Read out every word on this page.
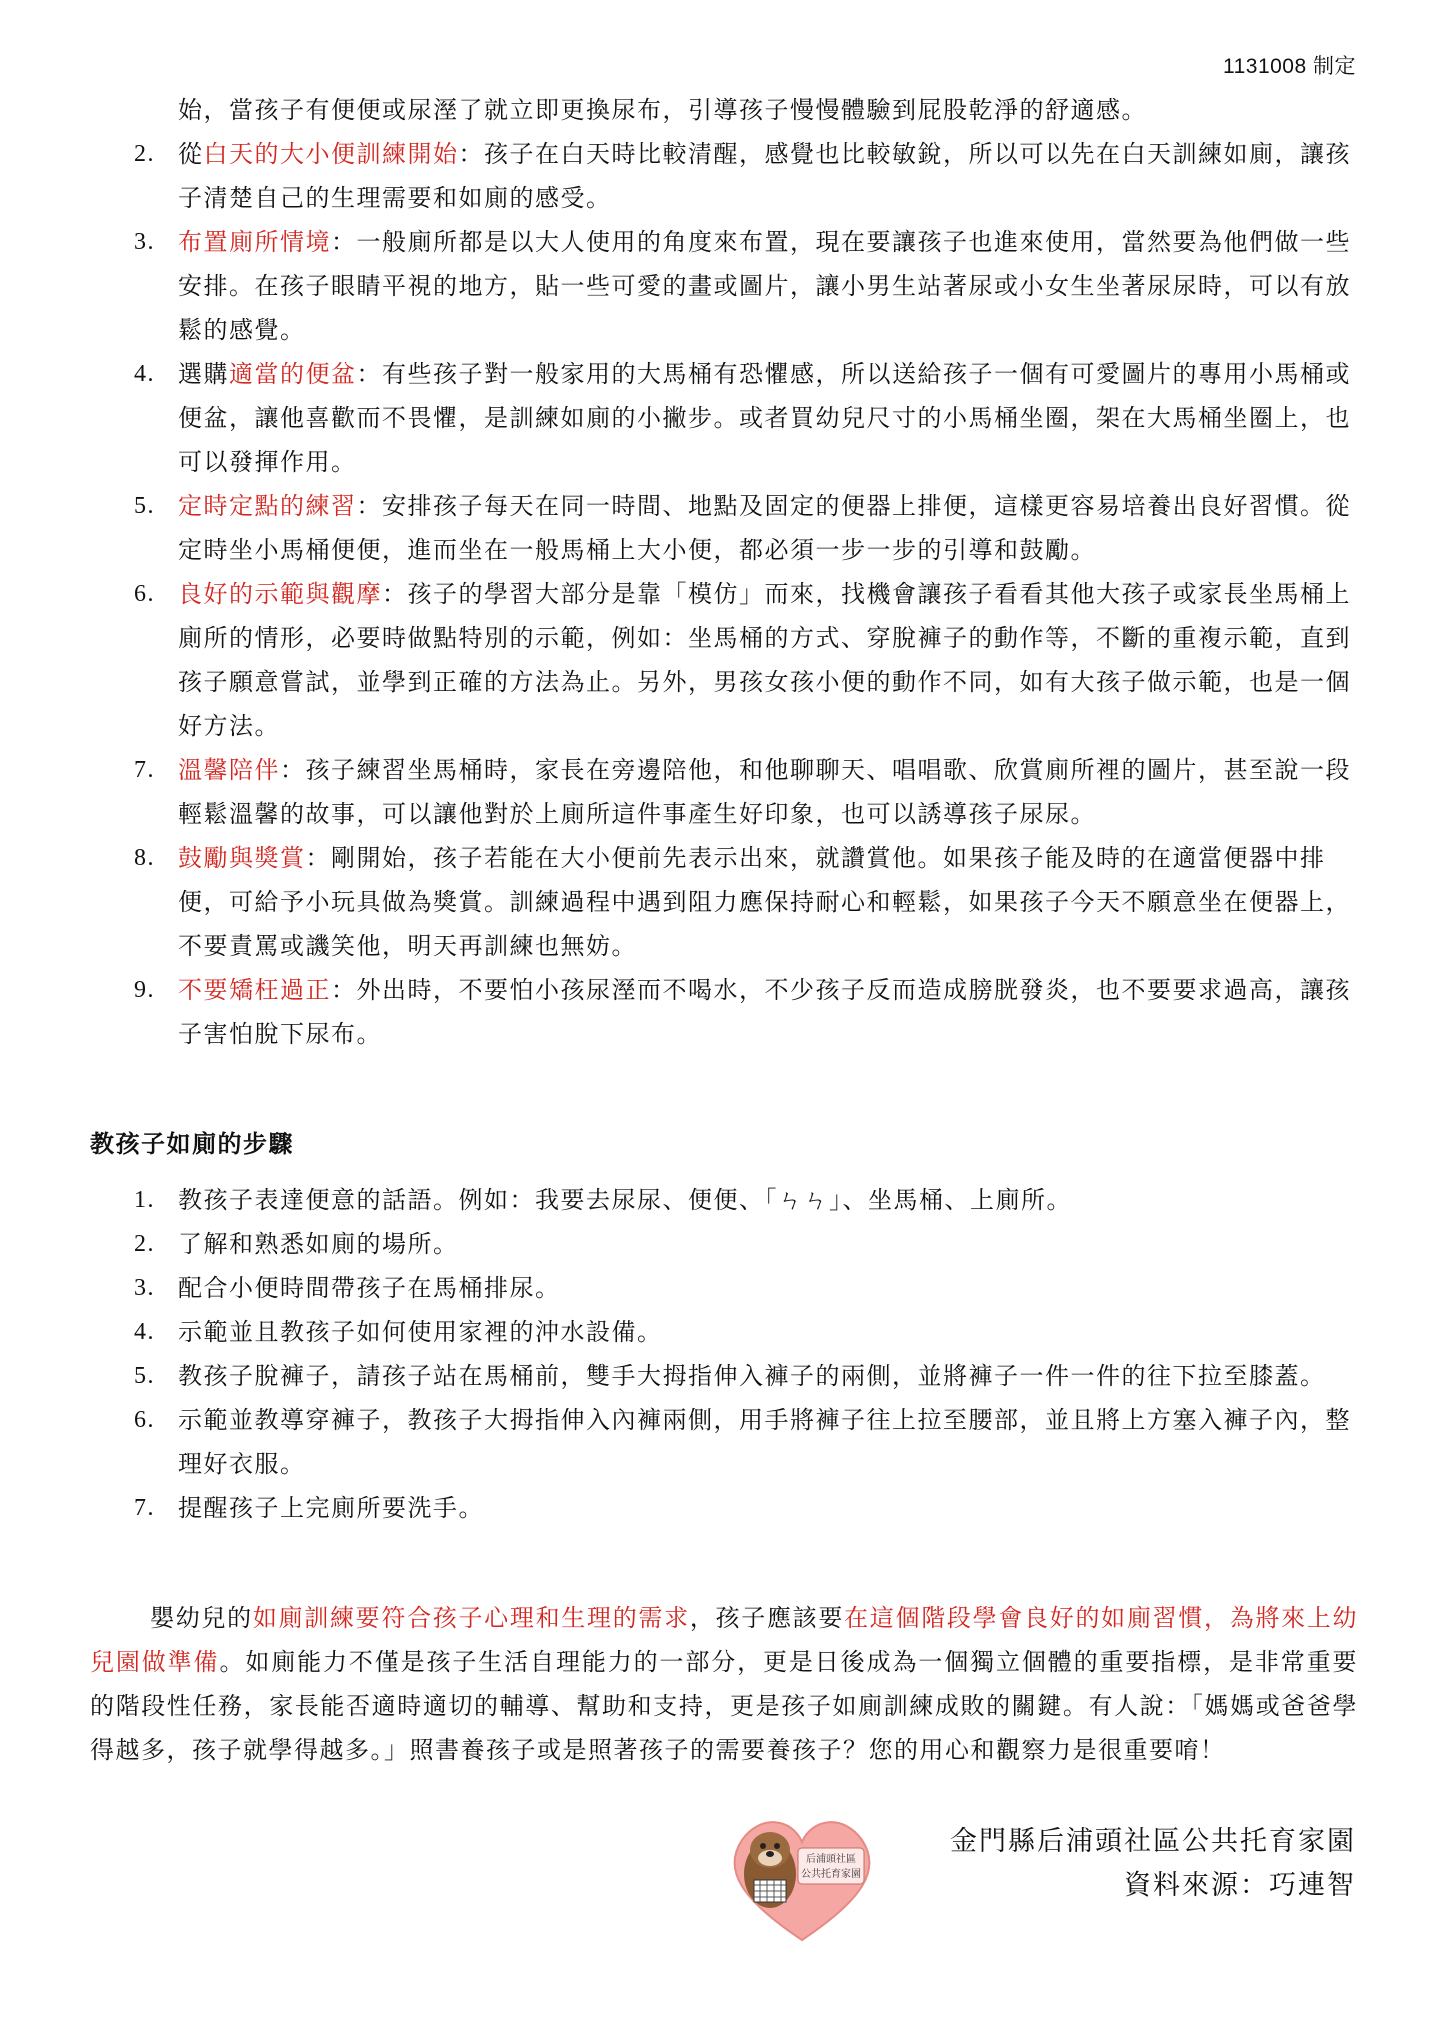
1131008 制定
始，當孩子有便便或尿溼了就立即更換尿布，引導孩子慢慢體驗到屁股乾淨的舒適感。
2. 從白天的大小便訓練開始：孩子在白天時比較清醒，感覺也比較敏銳，所以可以先在白天訓練如廁，讓孩子清楚自己的生理需要和如廁的感受。
3. 布置廁所情境：一般廁所都是以大人使用的角度來布置，現在要讓孩子也進來使用，當然要為他們做一些安排。在孩子眼睛平視的地方，貼一些可愛的畫或圖片，讓小男生站著尿或小女生坐著尿尿時，可以有放鬆的感覺。
4. 選購適當的便盆：有些孩子對一般家用的大馬桶有恐懼感，所以送給孩子一個有可愛圖片的專用小馬桶或便盆，讓他喜歡而不畏懼，是訓練如廁的小撇步。或者買幼兒尺寸的小馬桶坐圈，架在大馬桶坐圈上，也可以發揮作用。
5. 定時定點的練習：安排孩子每天在同一時間、地點及固定的便器上排便，這樣更容易培養出良好習慣。從定時坐小馬桶便便，進而坐在一般馬桶上大小便，都必須一步一步的引導和鼓勵。
6. 良好的示範與觀摩：孩子的學習大部分是靠「模仿」而來，找機會讓孩子看看其他大孩子或家長坐馬桶上廁所的情形，必要時做點特別的示範，例如：坐馬桶的方式、穿脫褲子的動作等，不斷的重複示範，直到孩子願意嘗試，並學到正確的方法為止。另外，男孩女孩小便的動作不同，如有大孩子做示範，也是一個好方法。
7. 溫馨陪伴：孩子練習坐馬桶時，家長在旁邊陪他，和他聊聊天、唱唱歌、欣賞廁所裡的圖片，甚至說一段輕鬆溫馨的故事，可以讓他對於上廁所這件事產生好印象，也可以誘導孩子尿尿。
8. 鼓勵與獎賞：剛開始，孩子若能在大小便前先表示出來，就讚賞他。如果孩子能及時的在適當便器中排便，可給予小玩具做為獎賞。訓練過程中遇到阻力應保持耐心和輕鬆，如果孩子今天不願意坐在便器上，不要責罵或譏笑他，明天再訓練也無妨。
9. 不要矯枉過正：外出時，不要怕小孩尿溼而不喝水，不少孩子反而造成膀胱發炎，也不要要求過高，讓孩子害怕脫下尿布。
教孩子如廁的步驟
1. 教孩子表達便意的話語。例如：我要去尿尿、便便、「ㄣㄣ」、坐馬桶、上廁所。
2. 了解和熟悉如廁的場所。
3. 配合小便時間帶孩子在馬桶排尿。
4. 示範並且教孩子如何使用家裡的沖水設備。
5. 教孩子脫褲子，請孩子站在馬桶前，雙手大拇指伸入褲子的兩側，並將褲子一件一件的往下拉至膝蓋。
6. 示範並教導穿褲子，教孩子大拇指伸入內褲兩側，用手將褲子往上拉至腰部，並且將上方塞入褲子內，整理好衣服。
7. 提醒孩子上完廁所要洗手。

嬰幼兒的如廁訓練要符合孩子心理和生理的需求，孩子應該要在這個階段學會良好的如廁習慣，為將來上幼兒園做準備。如廁能力不僅是孩子生活自理能力的一部分，更是日後成為一個獨立個體的重要指標，是非常重要的階段性任務，家長能否適時適切的輔導、幫助和支持，更是孩子如廁訓練成敗的關鍵。有人說：「媽媽或爸爸學得越多，孩子就學得越多。」照書養孩子或是照著孩子的需要養孩子？您的用心和觀察力是很重要唷！

后浦頭社區
公共托育家園
金門縣后浦頭社區公共托育家園
資料來源：巧連智
